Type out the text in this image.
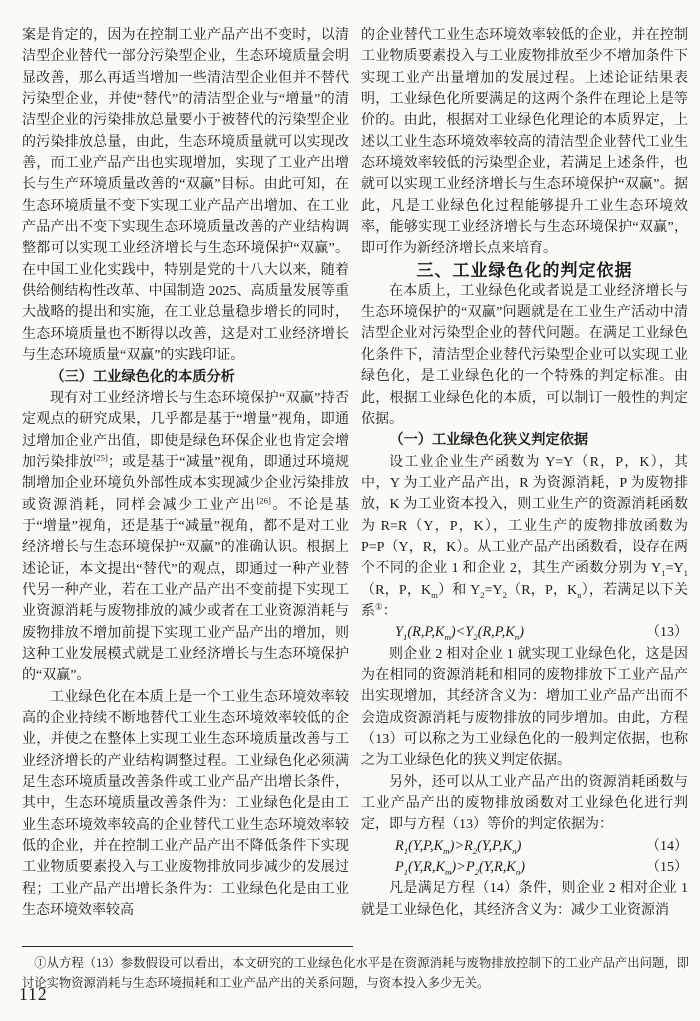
案是肯定的，因为在控制工业产品产出不变时，以清洁型企业替代一部分污染型企业，生态环境质量会明显改善，那么再适当增加一些清洁型企业但并不替代污染型企业，并使“替代”的清洁型企业与“增量”的清洁型企业的污染排放总量要小于被替代的污染型企业的污染排放总量，由此，生态环境质量就可以实现改善，而工业产品产出也实现增加，实现了工业产出增长与生产环境质量改善的“双赢”目标。由此可知，在生态环境质量不变下实现工业产品产出增加、在工业产品产出不变下实现生态环境质量改善的产业结构调整都可以实现工业经济增长与生态环境保护“双赢”。在中国工业化实践中，特别是党的十八大以来，随着供给侧结构性改革、中国制造 2025、高质量发展等重大战略的提出和实施，在工业总量稳步增长的同时，生态环境质量也不断得以改善，这是对工业经济增长与生态环境质量“双赢”的实践印证。

（三）工业绿色化的本质分析

现有对工业经济增长与生态环境保护“双赢”持否定观点的研究成果，几乎都是基于“增量”视角，即通过增加企业产出值，即使是绿色环保企业也肯定会增加污染排放[25]；或是基于“减量”视角，即通过环境规制增加企业环境负外部性成本实现减少企业污染排放或资源消耗，同样会减少工业产出[26]。不论是基于“增量”视角，还是基于“减量”视角，都不是对工业经济增长与生态环境保护“双赢”的准确认识。根据上述论证，本文提出“替代”的观点，即通过一种产业替代另一种产业，若在工业产品产出不变前提下实现工业资源消耗与废物排放的减少或者在工业资源消耗与废物排放不增加前提下实现工业产品产出的增加，则这种工业发展模式就是工业经济增长与生态环境保护的“双赢”。

工业绿色化在本质上是一个工业生态环境效率较高的企业持续不断地替代工业生态环境效率较低的企业，并使之在整体上实现工业生态环境质量改善与工业经济增长的产业结构调整过程。工业绿色化必须满足生态环境质量改善条件或工业产品产出增长条件，其中，生态环境质量改善条件为：工业绿色化是由工业生态环境效率较高的企业替代工业生态环境效率较低的企业，并在控制工业产品产出不降低条件下实现工业物质要素投入与工业废物排放同步减少的发展过程；工业产品产出增长条件为：工业绿色化是由工业生态环境效率较高

的企业替代工业生态环境效率较低的企业，并在控制工业物质要素投入与工业废物排放至少不增加条件下实现工业产出量增加的发展过程。上述论证结果表明，工业绿色化所要满足的这两个条件在理论上是等价的。由此，根据对工业绿色化理论的本质界定，上述以工业生态环境效率较高的清洁型企业替代工业生态环境效率较低的污染型企业，若满足上述条件，也就可以实现工业经济增长与生态环境保护“双赢”。据此，凡是工业绿色化过程能够提升工业生态环境效率，能够实现工业经济增长与生态环境保护“双赢”，即可作为新经济增长点来培育。

三、工业绿色化的判定依据

在本质上，工业绿色化或者说是工业经济增长与生态环境保护的“双赢”问题就是在工业生产活动中清洁型企业对污染型企业的替代问题。在满足工业绿色化条件下，清洁型企业替代污染型企业可以实现工业绿色化，是工业绿色化的一个特殊的判定标准。由此，根据工业绿色化的本质，可以制订一般性的判定依据。

（一）工业绿色化狭义判定依据

设工业企业生产函数为 Y=Y（R，P，K），其中，Y 为工业产品产出，R 为资源消耗，P 为废物排放，K 为工业资本投入，则工业生产的资源消耗函数为 R=R（Y，P，K），工业生产的废物排放函数为 P=P（Y，R，K）。从工业产品产出函数看，设存在两个不同的企业 1 和企业 2，其生产函数分别为 $Y_1=Y_1(R$，P，$K_m$）和 $Y_2=Y_2(R$，P，$K_n$），若满足以下关系①：

$Y_1(R,P,K_m)<Y_2(R,P,K_n)$	（13）

则企业 2 相对企业 1 就实现工业绿色化，这是因为在相同的资源消耗和相同的废物排放下工业产品产出实现增加，其经济含义为：增加工业产品产出而不会造成资源消耗与废物排放的同步增加。由此，方程（13）可以称之为工业绿色化的一般判定依据，也称之为工业绿色化的狭义判定依据。

另外，还可以从工业产品产出的资源消耗函数与工业产品产出的废物排放函数对工业绿色化进行判定，即与方程（13）等价的判定依据为：

$R_1(Y,P,K_m)>R_2(Y,P,K_n)$	（14）
$P_1(Y,R,K_m)>P_2(Y,R,K_n)$	（15）

凡是满足方程（14）条件，则企业 2 相对企业 1 就是工业绿色化，其经济含义为：减少工业资源消

①从方程（13）参数假设可以看出，本文研究的工业绿色化水平是在资源消耗与废物排放控制下的工业产品产出问题，即讨论实物资源消耗与生态环境损耗和工业产品产出的关系问题，与资本投入多少无关。

112
